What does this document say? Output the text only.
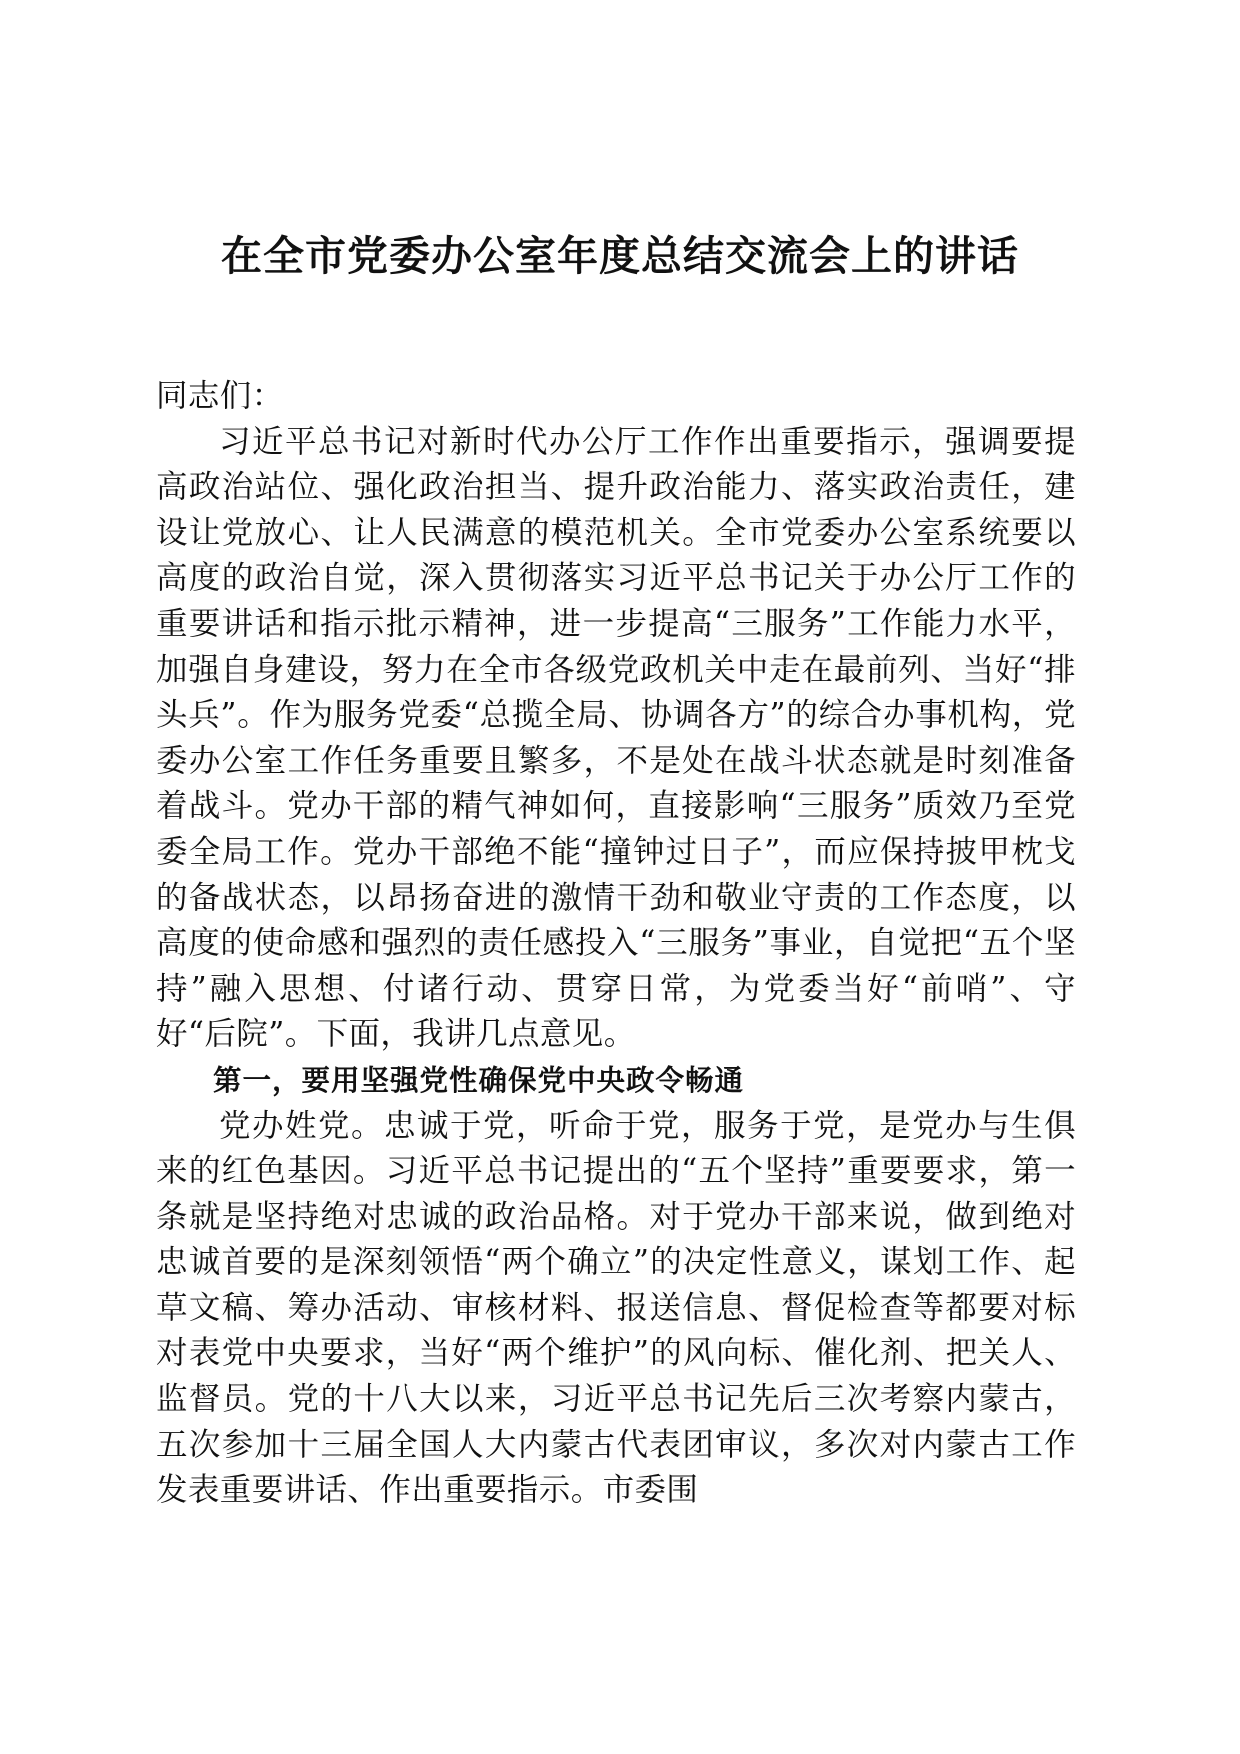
在全市党委办公室年度总结交流会上的讲话

同志们：

习近平总书记对新时代办公厅工作作出重要指示，强调要提高政治站位、强化政治担当、提升政治能力、落实政治责任，建设让党放心、让人民满意的模范机关。全市党委办公室系统要以高度的政治自觉，深入贯彻落实习近平总书记关于办公厅工作的重要讲话和指示批示精神，进一步提高“三服务”工作能力水平，加强自身建设，努力在全市各级党政机关中走在最前列、当好“排头兵”。作为服务党委“总揽全局、协调各方”的综合办事机构，党委办公室工作任务重要且繁多，不是处在战斗状态就是时刻准备着战斗。党办干部的精气神如何，直接影响“三服务”质效乃至党委全局工作。党办干部绝不能“撞钟过日子”，而应保持披甲枕戈的备战状态，以昂扬奋进的激情干劲和敬业守责的工作态度，以高度的使命感和强烈的责任感投入“三服务”事业，自觉把“五个坚持”融入思想、付诸行动、贯穿日常，为党委当好“前哨”、守好“后院”。下面，我讲几点意见。

第一，要用坚强党性确保党中央政令畅通

党办姓党。忠诚于党，听命于党，服务于党，是党办与生俱来的红色基因。习近平总书记提出的“五个坚持”重要要求，第一条就是坚持绝对忠诚的政治品格。对于党办干部来说，做到绝对忠诚首要的是深刻领悟“两个确立”的决定性意义，谋划工作、起草文稿、筹办活动、审核材料、报送信息、督促检查等都要对标对表党中央要求，当好“两个维护”的风向标、催化剂、把关人、监督员。党的十八大以来，习近平总书记先后三次考察内蒙古，五次参加十三届全国人大内蒙古代表团审议，多次对内蒙古工作发表重要讲话、作出重要指示。市委围
